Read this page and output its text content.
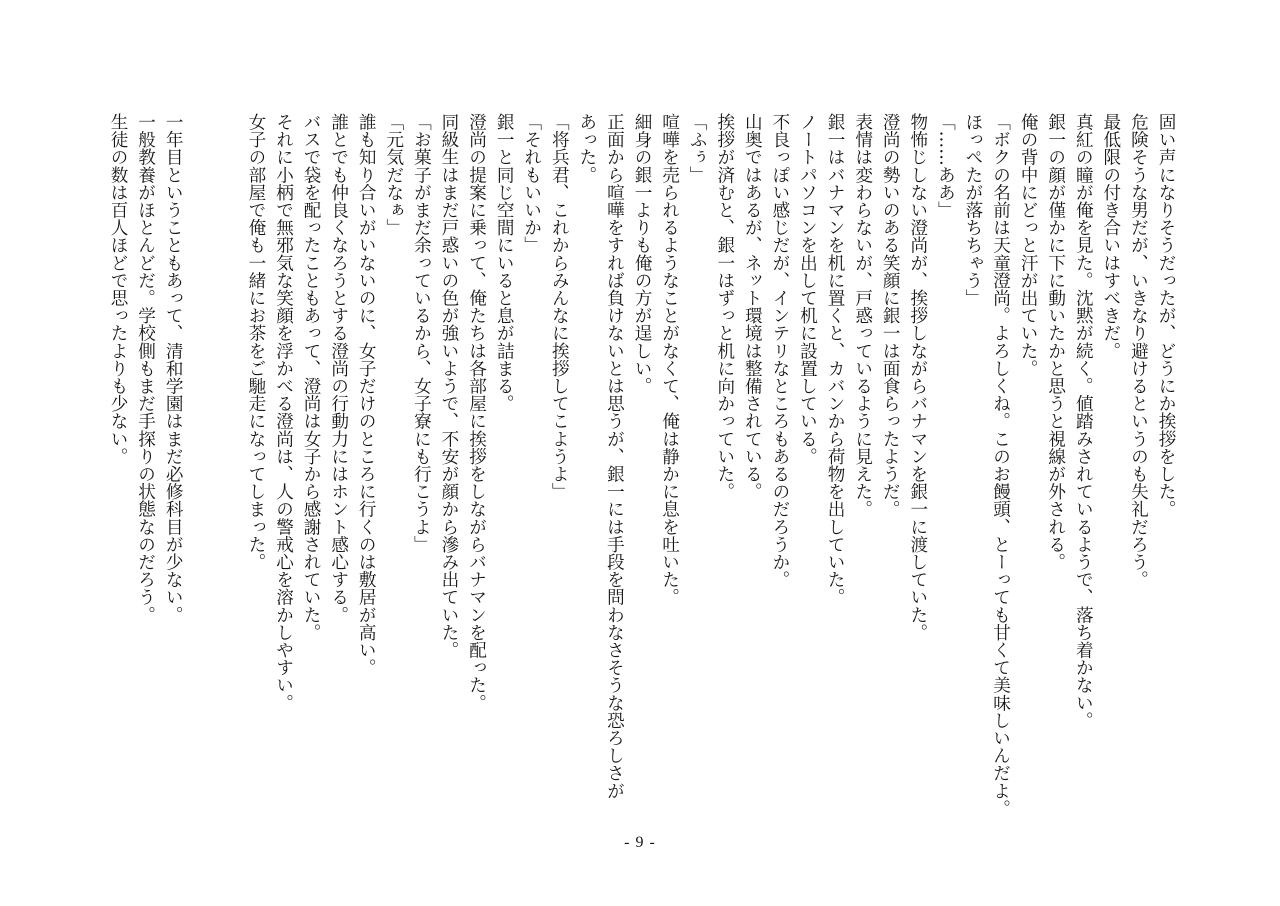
固い声になりそうだったが、どうにか挨拶をした。
危険そうな男だが、いきなり避けるというのも失礼だろう。
最低限の付き合いはすべきだ。
真紅の瞳が俺を見た。沈黙が続く。値踏みされているようで、落ち着かない。
銀一の顔が僅かに下に動いたかと思うと視線が外される。
俺の背中にどっと汗が出ていた。
「ボクの名前は天童澄尚。よろしくね。このお饅頭、とーっても甘くて美味しいんだよ。
ほっぺたが落ちちゃう」
「……ああ」
物怖じしない澄尚が、挨拶しながらバナマンを銀一に渡していた。
澄尚の勢いのある笑顔に銀一は面食らったようだ。
表情は変わらないが、戸惑っているように見えた。
銀一はバナマンを机に置くと、カバンから荷物を出していた。
ノートパソコンを出して机に設置している。
不良っぽい感じだが、インテリなところもあるのだろうか。
山奥ではあるが、ネット環境は整備されている。
挨拶が済むと、銀一はずっと机に向かっていた。
「ふぅ」
喧嘩を売られるようなことがなくて、俺は静かに息を吐いた。
細身の銀一よりも俺の方が逞しい。
正面から喧嘩をすれば負けないとは思うが、銀一には手段を問わなさそうな恐ろしさが
あった。
「将兵君、これからみんなに挨拶してこようよ」
「それもいいか」
銀一と同じ空間にいると息が詰まる。
澄尚の提案に乗って、俺たちは各部屋に挨拶をしながらバナマンを配った。
同級生はまだ戸惑いの色が強いようで、不安が顔から滲み出ていた。
「お菓子がまだ余っているから、女子寮にも行こうよ」
「元気だなぁ」
誰も知り合いがいないのに、女子だけのところに行くのは敷居が高い。
誰とでも仲良くなろうとする澄尚の行動力にはホント感心する。
バスで袋を配ったこともあって、澄尚は女子から感謝されていた。
それに小柄で無邪気な笑顔を浮かべる澄尚は、人の警戒心を溶かしやすい。
女子の部屋で俺も一緒にお茶をご馳走になってしまった。
一年目ということもあって、清和学園はまだ必修科目が少ない。
一般教養がほとんどだ。学校側もまだ手探りの状態なのだろう。
生徒の数は百人ほどで思ったよりも少ない。
- 9 -
